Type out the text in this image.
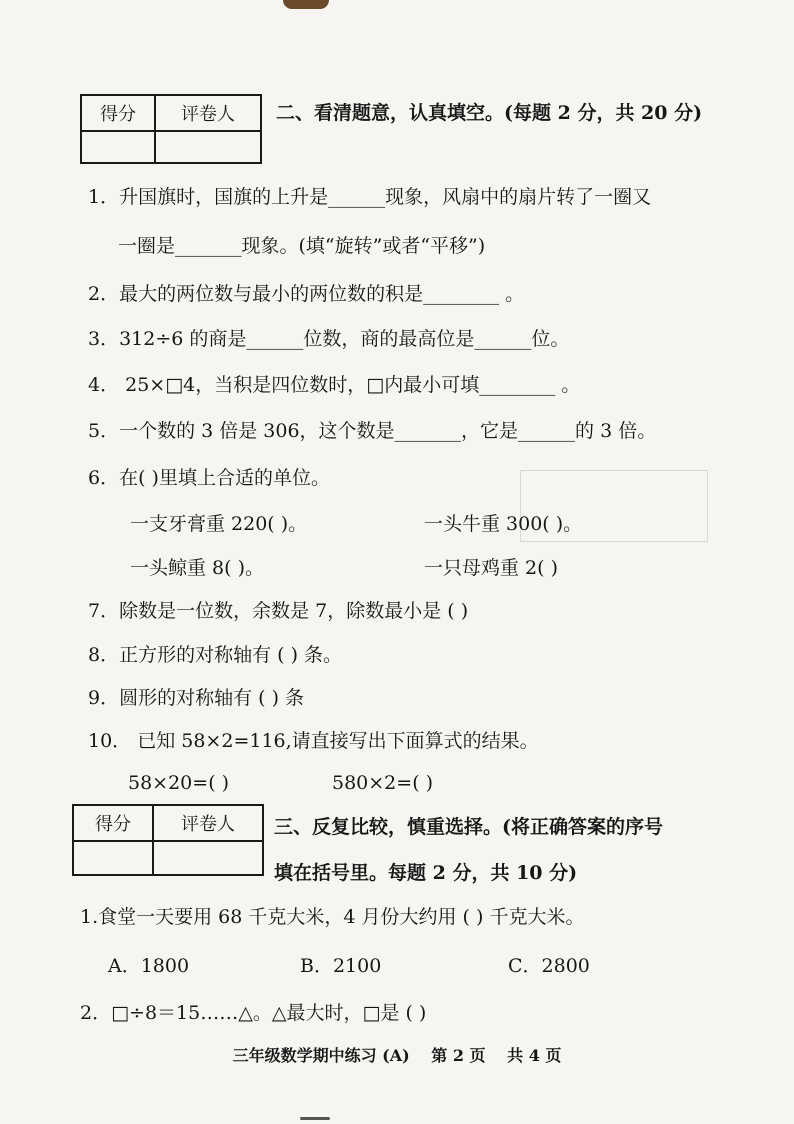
得分	评卷人
	二、看清题意，认真填空。(每题 2 分，共 20 分)
1．升国旗时，国旗的上升是______现象，风扇中的扇片转了一圈又
一圈是_______现象。(填“旋转”或者“平移”)
2．最大的两位数与最小的两位数的积是________ 。
3．312÷6 的商是______位数，商的最高位是______位。
4． 25×□4，当积是四位数时，□内最小可填________ 。
5．一个数的 3 倍是 306，这个数是_______，它是______的 3 倍。
6．在( )里填上合适的单位。
一支牙膏重 220( )。	一头牛重 300( )。
一头鲸重 8( )。	一只母鸡重 2( )
7．除数是一位数，余数是 7，除数最小是 ( )
8．正方形的对称轴有 ( ) 条。
9．圆形的对称轴有 ( ) 条
10． 已知 58×2=116,请直接写出下面算式的结果。
58×20=( )	580×2=( )
得分	评卷人
	三、反复比较，慎重选择。(将正确答案的序号
填在括号里。每题 2 分，共 10 分)
1.食堂一天要用 68 千克大米，4 月份大约用 ( ) 千克大米。
A．1800	B．2100	C．2800
2．□÷8＝15……△。△最大时，□是 ( )
三年级数学期中练习 (A) 第 2 页 共 4 页
